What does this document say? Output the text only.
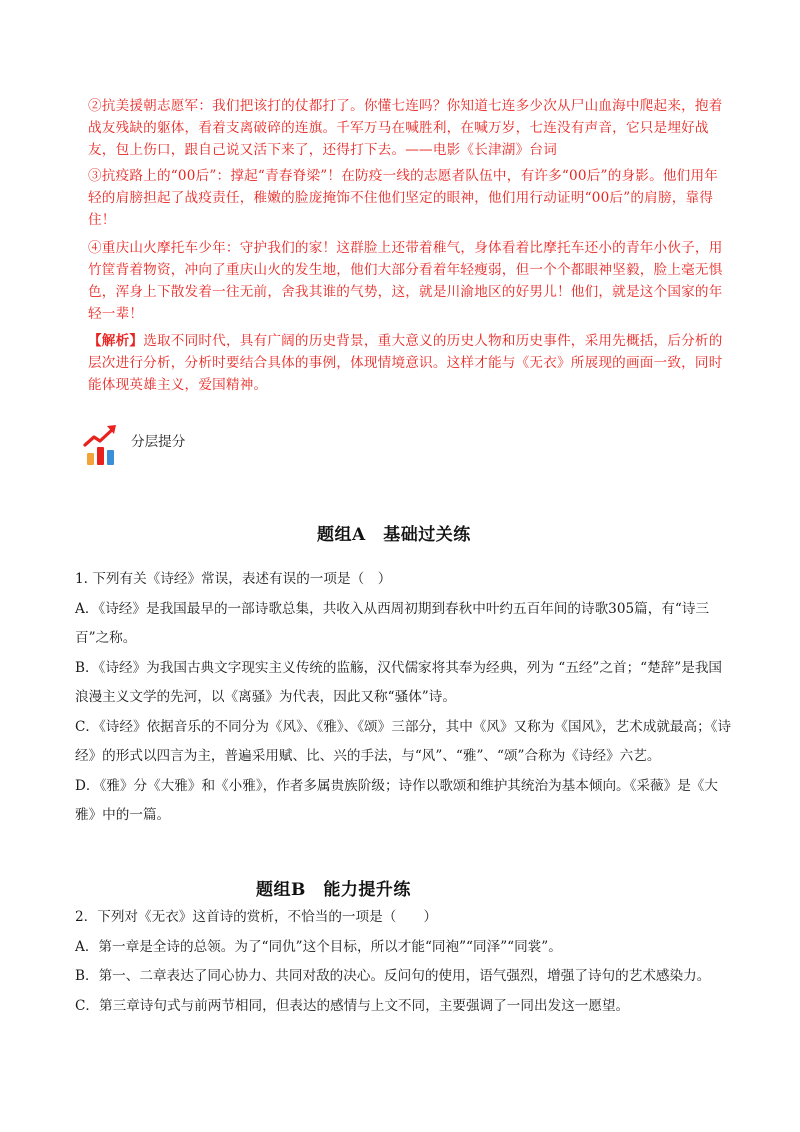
②抗美援朝志愿军：我们把该打的仗都打了。你懂七连吗？你知道七连多少次从尸山血海中爬起来，抱着战友残缺的躯体，看着支离破碎的连旗。千军万马在喊胜利，在喊万岁，七连没有声音，它只是埋好战友，包上伤口，跟自己说又活下来了，还得打下去。——电影《长津湖》台词

③抗疫路上的“00后”：撑起“青春脊梁”！在防疫一线的志愿者队伍中，有许多“00后”的身影。他们用年轻的肩膀担起了战疫责任，稚嫩的脸庞掩饰不住他们坚定的眼神，他们用行动证明“00后”的肩膀，靠得住！

④重庆山火摩托车少年：守护我们的家！这群脸上还带着稚气，身体看着比摩托车还小的青年小伙子，用竹筐背着物资，冲向了重庆山火的发生地，他们大部分看着年轻瘦弱，但一个个都眼神坚毅，脸上毫无惧色，浑身上下散发着一往无前，舍我其谁的气势，这，就是川渝地区的好男儿！他们，就是这个国家的年轻一辈！

【解析】选取不同时代，具有广阔的历史背景，重大意义的历史人物和历史事件，采用先概括，后分析的层次进行分析，分析时要结合具体的事例，体现情境意识。这样才能与《无衣》所展现的画面一致，同时能体现英雄主义，爱国精神。

分层提分
题组A　基础过关练

1. 下列有关《诗经》常误，表述有误的一项是（　）

A．《诗经》是我国最早的一部诗歌总集，共收入从西周初期到春秋中叶约五百年间的诗歌305篇，有“诗三百”之称。

B．《诗经》为我国古典文字现实主义传统的监觞，汉代儒家将其奉为经典，列为 “五经”之首；“楚辞”是我国浪漫主义文学的先河，以《离骚》为代表，因此又称“骚体”诗。

C．《诗经》依据音乐的不同分为《风》、《雅》、《颂》三部分，其中《风》又称为《国风》，艺术成就最高；《诗经》的形式以四言为主，普遍采用赋、比、兴的手法，与“风”、“雅”、“颂”合称为《诗经》六艺。

D．《雅》分《大雅》和《小雅》，作者多属贵族阶级；诗作以歌颂和维护其统治为基本倾向。《采薇》是《大雅》中的一篇。

题组B　能力提升练

2．下列对《无衣》这首诗的赏析，不恰当的一项是（　　）

A．第一章是全诗的总领。为了“同仇”这个目标，所以才能“同袍”“同泽”“同裳”。

B．第一、二章表达了同心协力、共同对敌的决心。反问句的使用，语气强烈，增强了诗句的艺术感染力。

C．第三章诗句式与前两节相同，但表达的感情与上文不同，主要强调了一同出发这一愿望。
